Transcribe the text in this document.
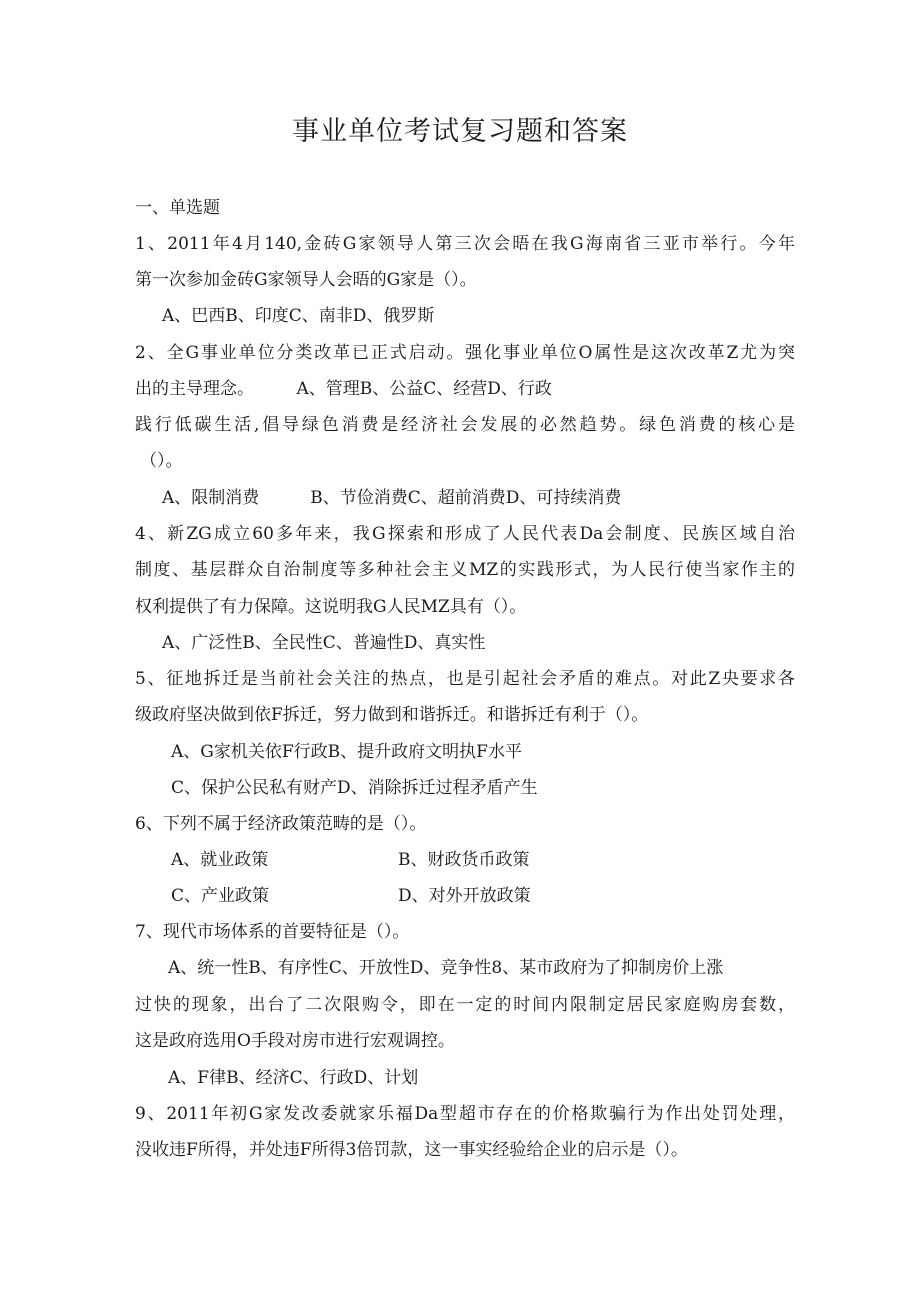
事业单位考试复习题和答案

一、单选题

1、2011年4月140,金砖G家领导人第三次会晤在我G海南省三亚市举行。今年

第一次参加金砖G家领导人会晤的G家是（）。

A、巴西B、印度C、南非D、俄罗斯

2、全G事业单位分类改革已正式启动。强化事业单位O属性是这次改革Z尤为突

出的主导理念。　　　A、管理B、公益C、经营D、行政

践行低碳生活,倡导绿色消费是经济社会发展的必然趋势。绿色消费的核心是

（）。

A、限制消费　　　B、节俭消费C、超前消费D、可持续消费

4、新ZG成立60多年来，我G探索和形成了人民代表Da会制度、民族区域自治

制度、基层群众自治制度等多种社会主义MZ的实践形式，为人民行使当家作主的

权利提供了有力保障。这说明我G人民MZ具有（）。

A、广泛性B、全民性C、普遍性D、真实性

5、征地拆迁是当前社会关注的热点，也是引起社会矛盾的难点。对此Z央要求各

级政府坚决做到依F拆迁，努力做到和谐拆迁。和谐拆迁有利于（）。

A、G家机关依F行政B、提升政府文明执F水平

C、保护公民私有财产D、消除拆迁过程矛盾产生

6、下列不属于经济政策范畴的是（）。

A、就业政策	B、财政货币政策

C、产业政策	D、对外开放政策

7、现代市场体系的首要特征是（）。

A、统一性B、有序性C、开放性D、竞争性8、某市政府为了抑制房价上涨

过快的现象，出台了二次限购令，即在一定的时间内限制定居民家庭购房套数，

这是政府选用O手段对房市进行宏观调控。

A、F律B、经济C、行政D、计划

9、2011年初G家发改委就家乐福Da型超市存在的价格欺骗行为作出处罚处理，

没收违F所得，并处违F所得3倍罚款，这一事实经验给企业的启示是（）。
